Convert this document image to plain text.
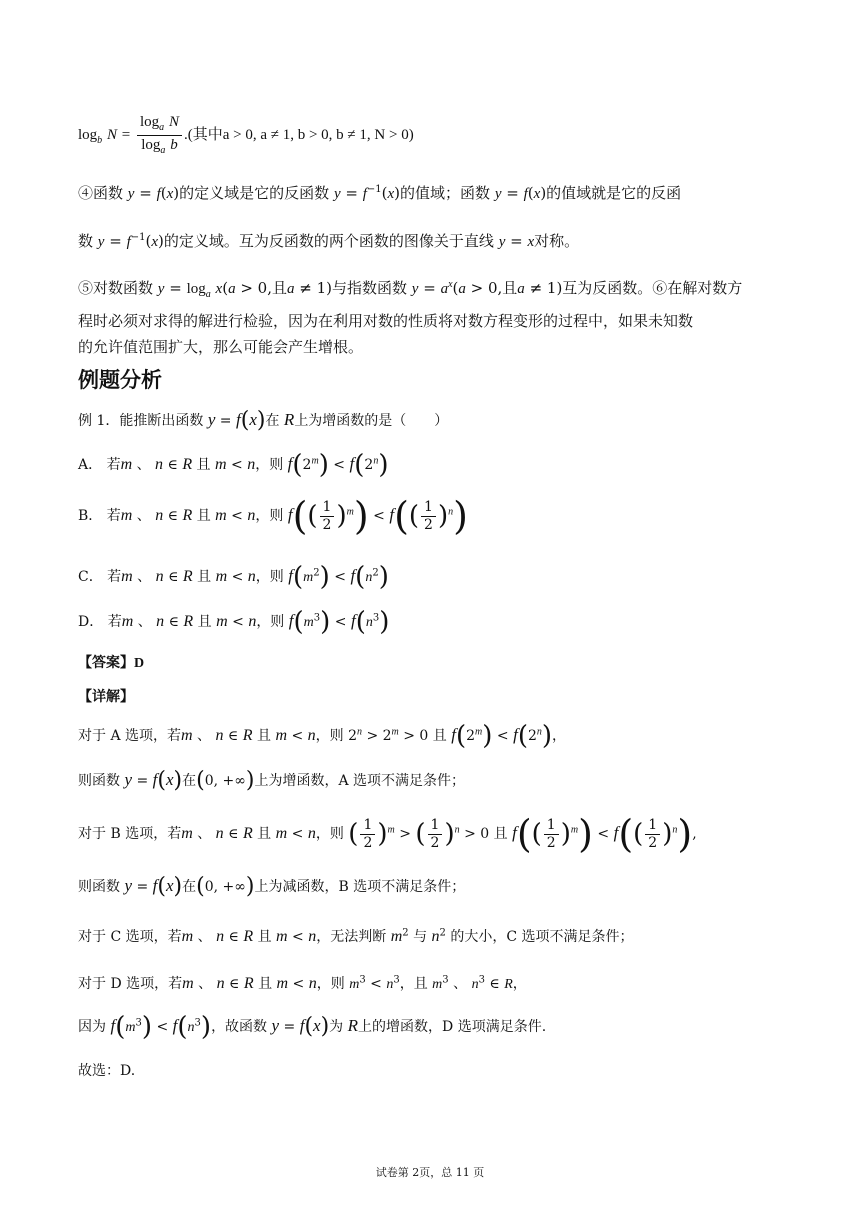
$\log_b N = \frac{\log_a N}{\log_a b}$ .(其中a > 0, a ≠ 1, b > 0, b ≠ 1, N > 0)
④函数 y = f(x)的定义域是它的反函数 $y = f^{-1}(x)$的值域；函数 y = f(x)的值域就是它的反函
数 $y = f^{-1}(x)$的定义域。互为反函数的两个函数的图像关于直线 y = x对称。
⑤对数函数 $y = \log_a x(a > 0$,且a ≠ 1)与指数函数 $y = a^x(a > 0$,且a ≠ 1)互为反函数。⑥在解对数方
程时必须对求得的解进行检验，因为在利用对数的性质将对数方程变形的过程中，如果未知数
的允许值范围扩大，那么可能会产生增根。
例题分析
例 1．能推断出函数 y = f(x)在 R上为增函数的是（　　）
A． 若m 、 n ∈ R 且 m < n，则 $f(2^m) < f(2^n)$
B． 若m 、 n ∈ R 且 m < n，则 $f(( \frac{1}{2} )^m) < f(( \frac{1}{2} )^n)$
C． 若m 、 n ∈ R 且 m < n，则 $f(m^2) < f(n^2)$
D． 若m 、 n ∈ R 且 m < n，则 $f(m^3) < f(n^3)$
【答案】D
【详解】
对于 A 选项，若m 、 n ∈ R 且 m < n，则 $2^n > 2^m > 0$ 且 $f(2^m) < f(2^n)$，
则函数 y = f(x)在(0, +∞)上为增函数，A 选项不满足条件；
对于 B 选项，若m 、 n ∈ R 且 m < n，则 ( $\frac{1}{2} )^m$ > ( $\frac{1}{2} )^n > 0$ 且 $f(( \frac{1}{2} )^m) < f(( \frac{1}{2} )^n)$,
则函数 y = f(x)在(0, +∞)上为减函数，B 选项不满足条件；
对于 C 选项，若m 、 n ∈ R 且 m < n，无法判断 $m^2$ 与 $n^2$ 的大小，C 选项不满足条件；
对于 D 选项，若m 、 n ∈ R 且 m < n，则 $m^3 < n^3$，且 $m^3$ 、 $n^3$ ∈ R，
因为 $f(m^3) < f(n^3)$，故函数 y = f(x)为 R上的增函数，D 选项满足条件.
故选：D.
试卷第 2页，总 11 页
